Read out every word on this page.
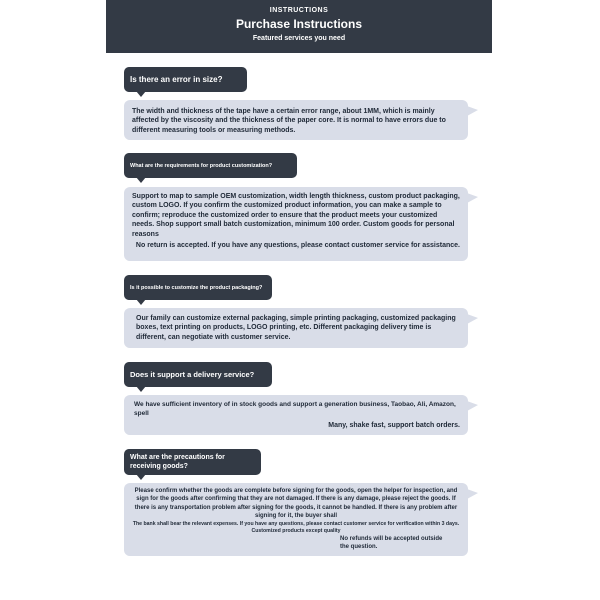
INSTRUCTIONS
Purchase Instructions
Featured services you need
Is there an error in size?

The width and thickness of the tape have a certain error range, about 1MM, which is mainly affected by the viscosity and the thickness of the paper core. It is normal to have errors due to different measuring tools or measuring methods.

What are the requirements for product customization?

Support to map to sample OEM customization, width length thickness, custom product packaging, custom LOGO. If you confirm the customized product information, you can make a sample to confirm; reproduce the customized order to ensure that the product meets your customized needs. Shop support small batch customization, minimum 100 order. Custom goods for personal reasons

No return is accepted. If you have any questions, please contact customer service for assistance.

Is it possible to customize the product packaging?

Our family can customize external packaging, simple printing packaging, customized packaging boxes, text printing on products, LOGO printing, etc. Different packaging delivery time is different, can negotiate with customer service.

Does it support a delivery service?

We have sufficient inventory of in stock goods and support a generation business, Taobao, Ali, Amazon, spell

Many, shake fast, support batch orders.

What are the precautions for
receiving goods?

Please confirm whether the goods are complete before signing for the goods, open the helper for inspection, and sign for the goods after confirming that they are not damaged. If there is any damage, please reject the goods. If there is any transportation problem after signing for the goods, it cannot be handled. If there is any problem after signing for it, the buyer shall

The bank shall bear the relevant expenses. If you have any questions, please contact customer service for verification within 3 days. Customized products except quality

No refunds will be accepted outside

the question.
